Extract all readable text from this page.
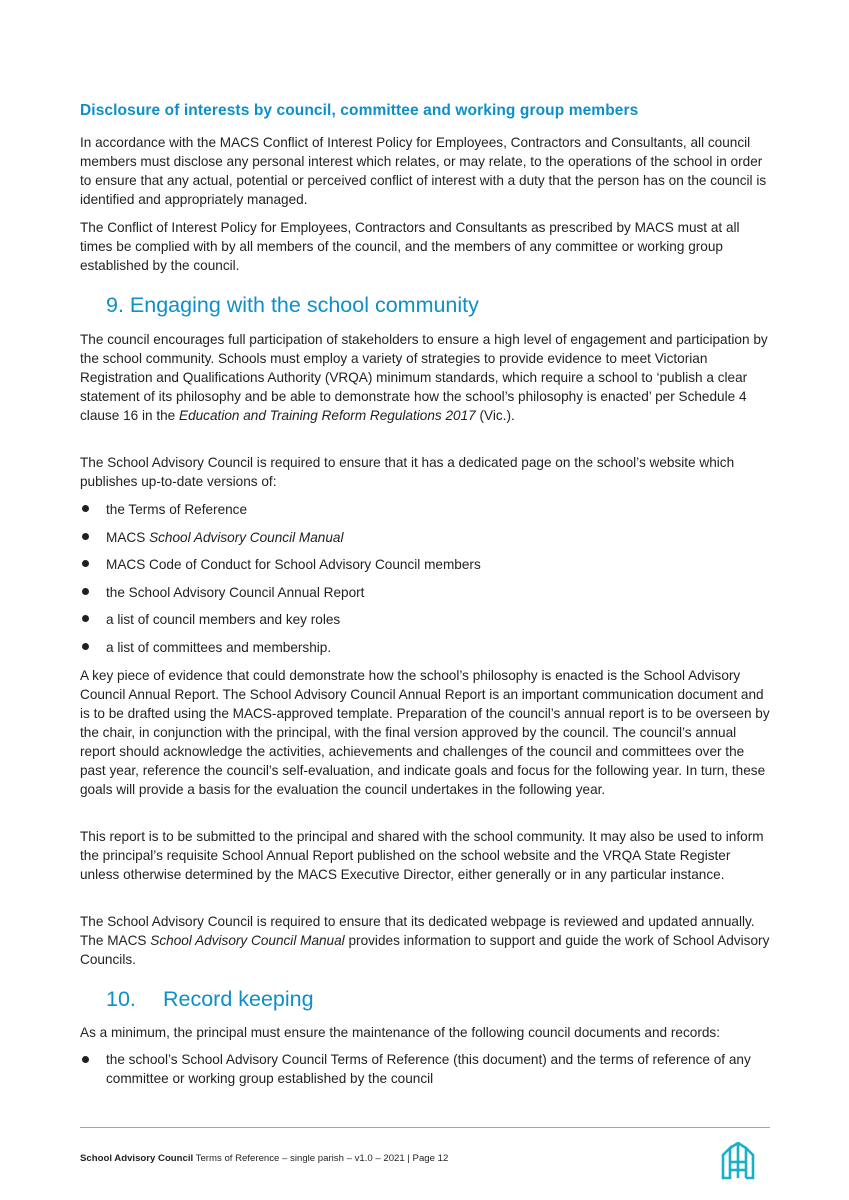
Disclosure of interests by council, committee and working group members

In accordance with the MACS Conflict of Interest Policy for Employees, Contractors and Consultants, all council members must disclose any personal interest which relates, or may relate, to the operations of the school in order to ensure that any actual, potential or perceived conflict of interest with a duty that the person has on the council is identified and appropriately managed.

The Conflict of Interest Policy for Employees, Contractors and Consultants as prescribed by MACS must at all times be complied with by all members of the council, and the members of any committee or working group established by the council.

9. Engaging with the school community

The council encourages full participation of stakeholders to ensure a high level of engagement and participation by the school community. Schools must employ a variety of strategies to provide evidence to meet Victorian Registration and Qualifications Authority (VRQA) minimum standards, which require a school to ‘publish a clear statement of its philosophy and be able to demonstrate how the school’s philosophy is enacted’ per Schedule 4 clause 16 in the Education and Training Reform Regulations 2017 (Vic.).

The School Advisory Council is required to ensure that it has a dedicated page on the school’s website which publishes up-to-date versions of:

the Terms of Reference
MACS School Advisory Council Manual
MACS Code of Conduct for School Advisory Council members
the School Advisory Council Annual Report
a list of council members and key roles
a list of committees and membership.

A key piece of evidence that could demonstrate how the school’s philosophy is enacted is the School Advisory Council Annual Report. The School Advisory Council Annual Report is an important communication document and is to be drafted using the MACS-approved template. Preparation of the council’s annual report is to be overseen by the chair, in conjunction with the principal, with the final version approved by the council. The council’s annual report should acknowledge the activities, achievements and challenges of the council and committees over the past year, reference the council’s self-evaluation, and indicate goals and focus for the following year. In turn, these goals will provide a basis for the evaluation the council undertakes in the following year.

This report is to be submitted to the principal and shared with the school community. It may also be used to inform the principal’s requisite School Annual Report published on the school website and the VRQA State Register unless otherwise determined by the MACS Executive Director, either generally or in any particular instance.

The School Advisory Council is required to ensure that its dedicated webpage is reviewed and updated annually. The MACS School Advisory Council Manual provides information to support and guide the work of School Advisory Councils.

10. Record keeping

As a minimum, the principal must ensure the maintenance of the following council documents and records:

the school’s School Advisory Council Terms of Reference (this document) and the terms of reference of any committee or working group established by the council

School Advisory Council Terms of Reference – single parish – v1.0 – 2021 | Page 12
